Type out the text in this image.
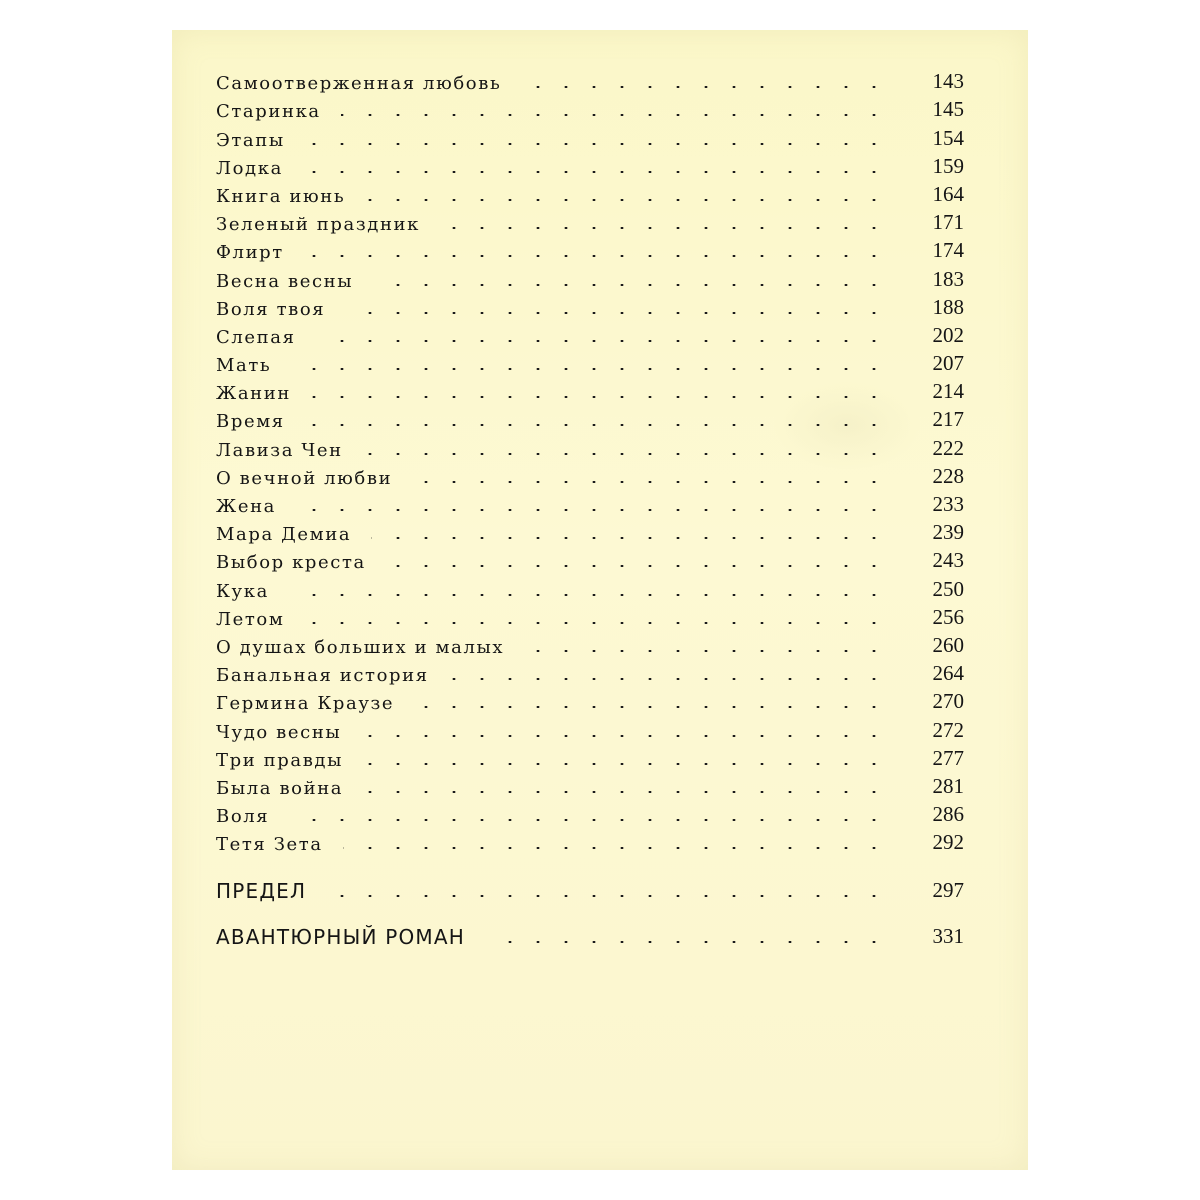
Самоотверженная любовь	143
Старинка	145
Этапы	154
Лодка	159
Книга июнь	164
Зеленый праздник	171
Флирт	174
Весна весны	183
Воля твоя	188
Слепая	202
Мать	207
Жанин	214
Время	217
Лавиза Чен	222
О вечной любви	228
Жена	233
Мара Демиа	239
Выбор креста	243
Кука	250
Летом	256
О душах больших и малых	260
Банальная история	264
Гермина Краузе	270
Чудо весны	272
Три правды	277
Была война	281
Воля	286
Тетя Зета	292
ПРЕДЕЛ	297
АВАНТЮРНЫЙ РОМАН	331
